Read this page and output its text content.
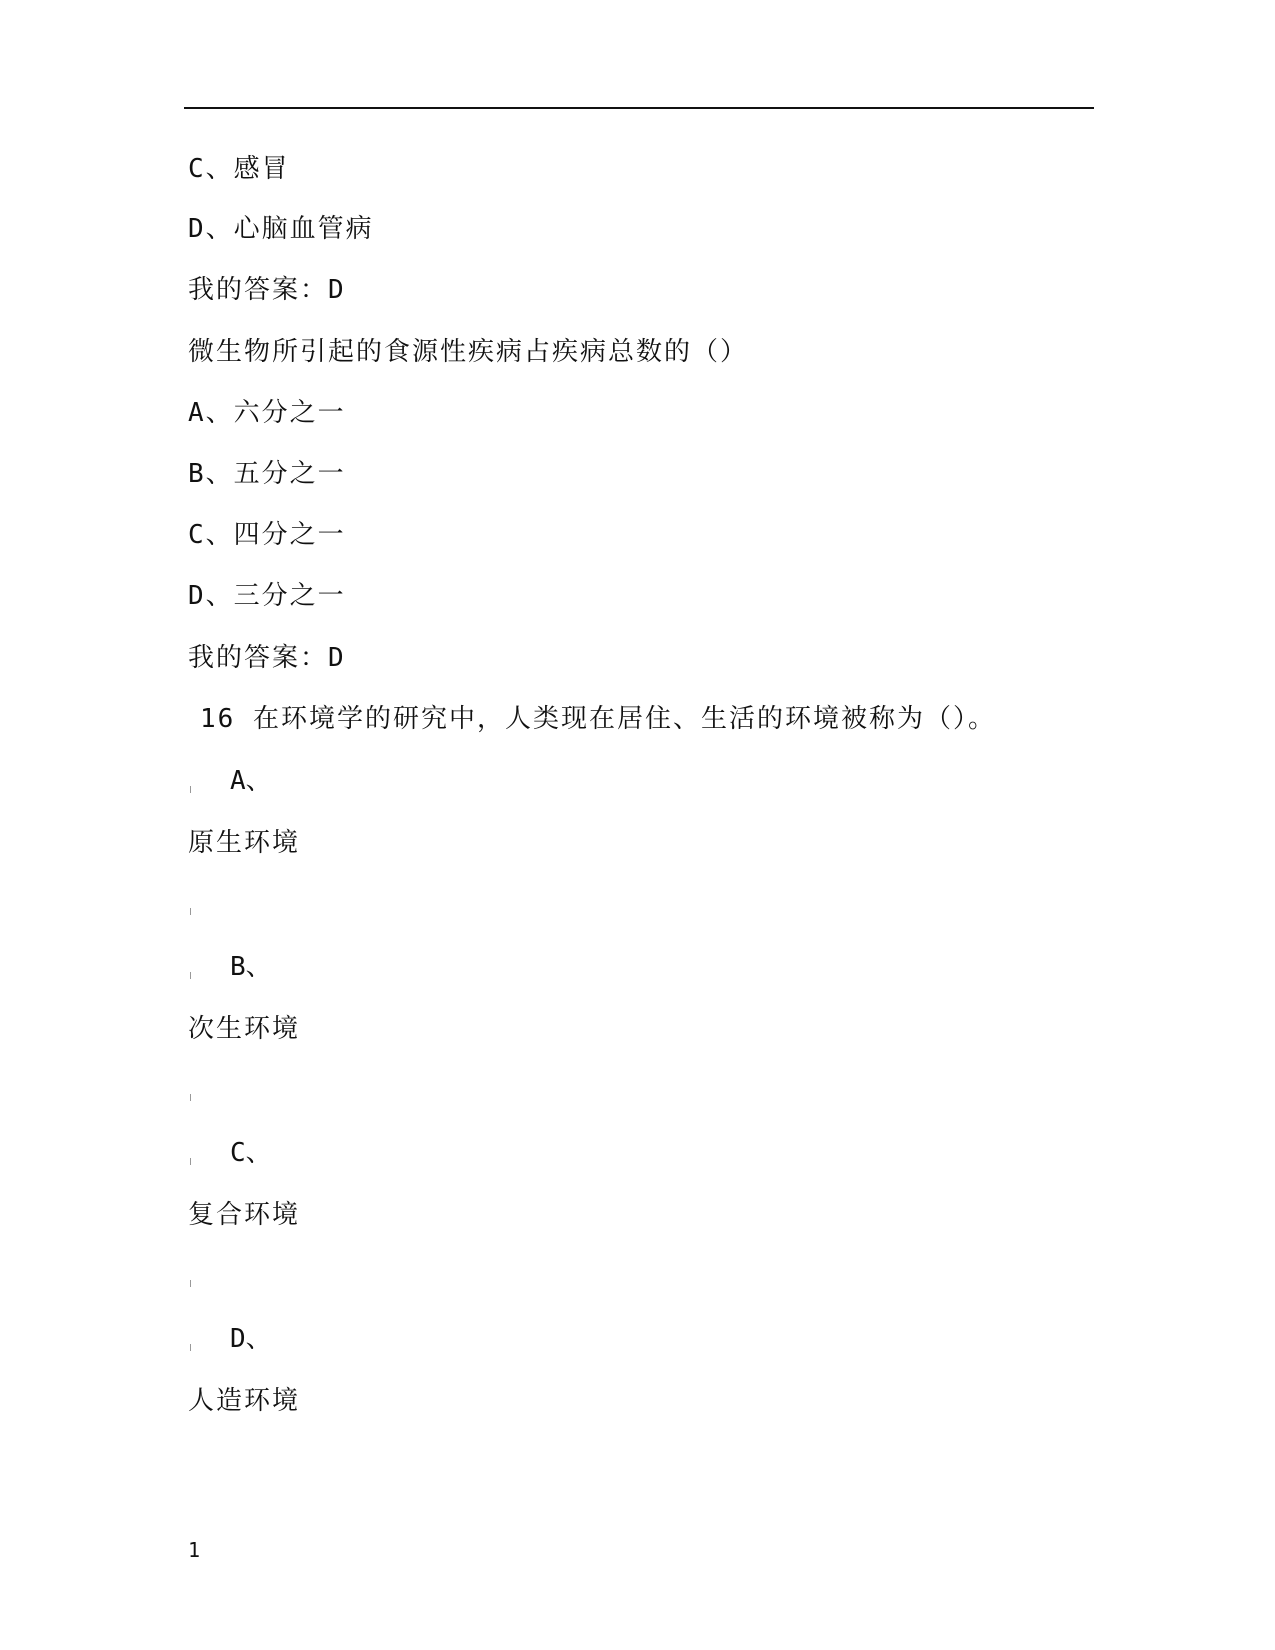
C、感冒
D、心脑血管病
我的答案：D
微生物所引起的食源性疾病占疾病总数的（）
A、六分之一
B、五分之一
C、四分之一
D、三分之一
我的答案：D
16 在环境学的研究中，人类现在居住、生活的环境被称为（）。
A、
原生环境
B、
次生环境
C、
复合环境
D、
人造环境
1
